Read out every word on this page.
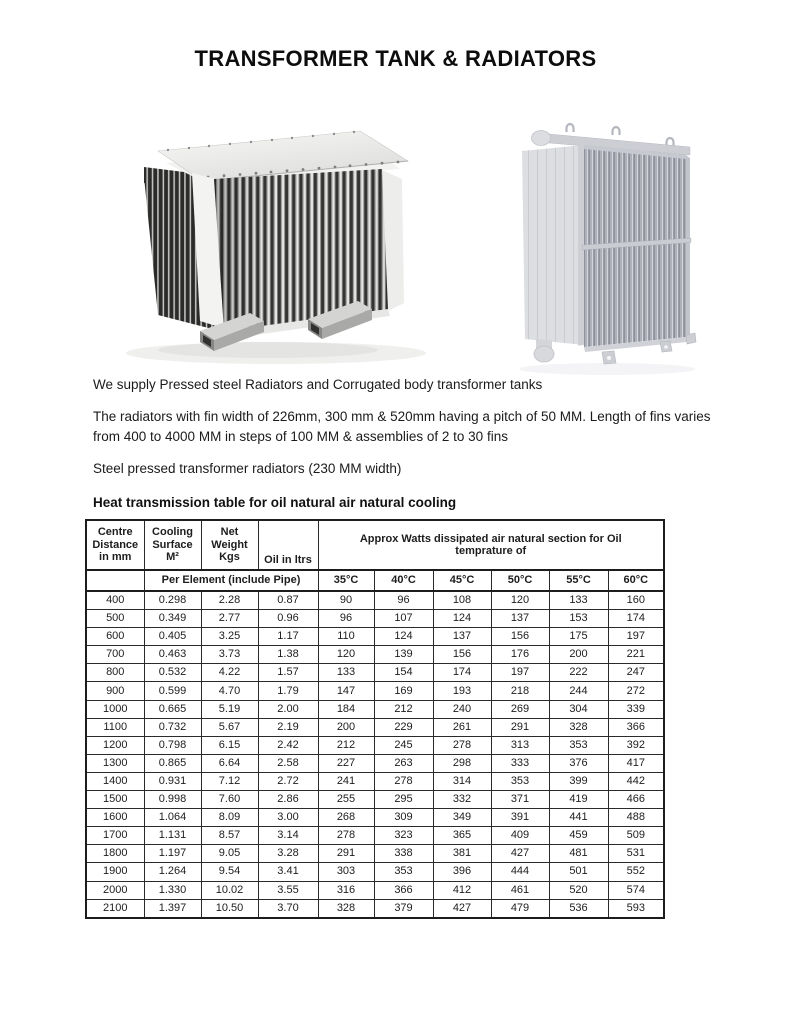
TRANSFORMER TANK & RADIATORS

We supply Pressed steel Radiators and Corrugated body transformer tanks

The radiators with fin width of 226mm, 300 mm & 520mm having a pitch of 50 MM. Length of fins varies from 400 to 4000 MM in steps of 100 MM & assemblies of 2 to 30 fins

Steel pressed transformer radiators (230 MM width)

Heat transmission table for oil natural air natural cooling
Centre Distance in mm	Cooling Surface M²	Net Weight Kgs	Oil in ltrs	Approx Watts dissipated air natural section for Oil temprature of					
	Per Element (include Pipe)			35°C	40°C	45°C	50°C	55°C	60°C
400	0.298	2.28	0.87	90	96	108	120	133	160
500	0.349	2.77	0.96	96	107	124	137	153	174
600	0.405	3.25	1.17	110	124	137	156	175	197
700	0.463	3.73	1.38	120	139	156	176	200	221
800	0.532	4.22	1.57	133	154	174	197	222	247
900	0.599	4.70	1.79	147	169	193	218	244	272
1000	0.665	5.19	2.00	184	212	240	269	304	339
1100	0.732	5.67	2.19	200	229	261	291	328	366
1200	0.798	6.15	2.42	212	245	278	313	353	392
1300	0.865	6.64	2.58	227	263	298	333	376	417
1400	0.931	7.12	2.72	241	278	314	353	399	442
1500	0.998	7.60	2.86	255	295	332	371	419	466
1600	1.064	8.09	3.00	268	309	349	391	441	488
1700	1.131	8.57	3.14	278	323	365	409	459	509
1800	1.197	9.05	3.28	291	338	381	427	481	531
1900	1.264	9.54	3.41	303	353	396	444	501	552
2000	1.330	10.02	3.55	316	366	412	461	520	574
2100	1.397	10.50	3.70	328	379	427	479	536	593
